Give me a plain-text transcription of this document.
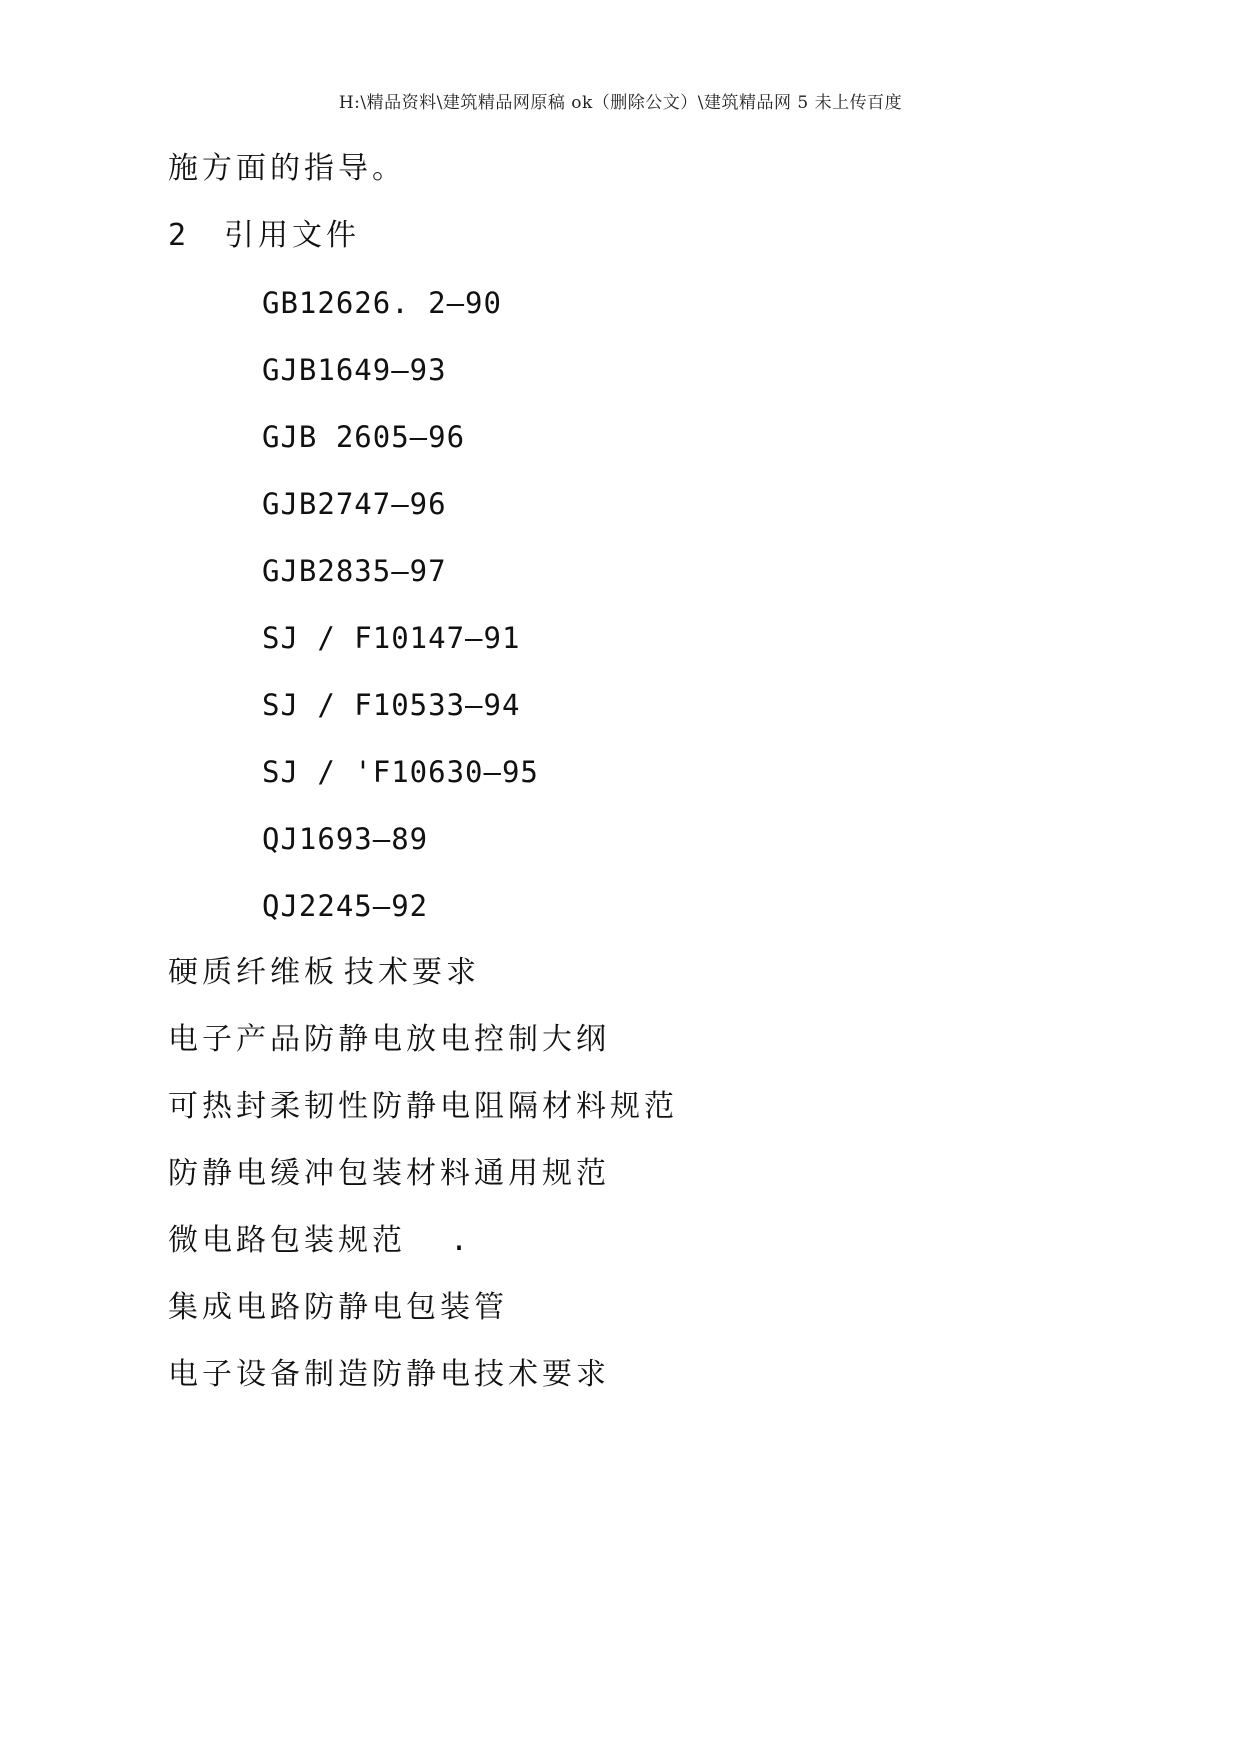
H:\精品资料\建筑精品网原稿 ok（删除公文）\建筑精品网 5 未上传百度
施方面的指导。
2 引用文件
GB12626. 2—90
GJB1649—93
GJB 2605—96
GJB2747—96
GJB2835—97
SJ / F10147—91
SJ / F10533—94
SJ / 'F10630—95
QJ1693—89
QJ2245—92
硬质纤维板 技术要求
电子产品防静电放电控制大纲
可热封柔韧性防静电阻隔材料规范
防静电缓冲包装材料通用规范
微电路包装规范 .
集成电路防静电包装管
电子设备制造防静电技术要求
